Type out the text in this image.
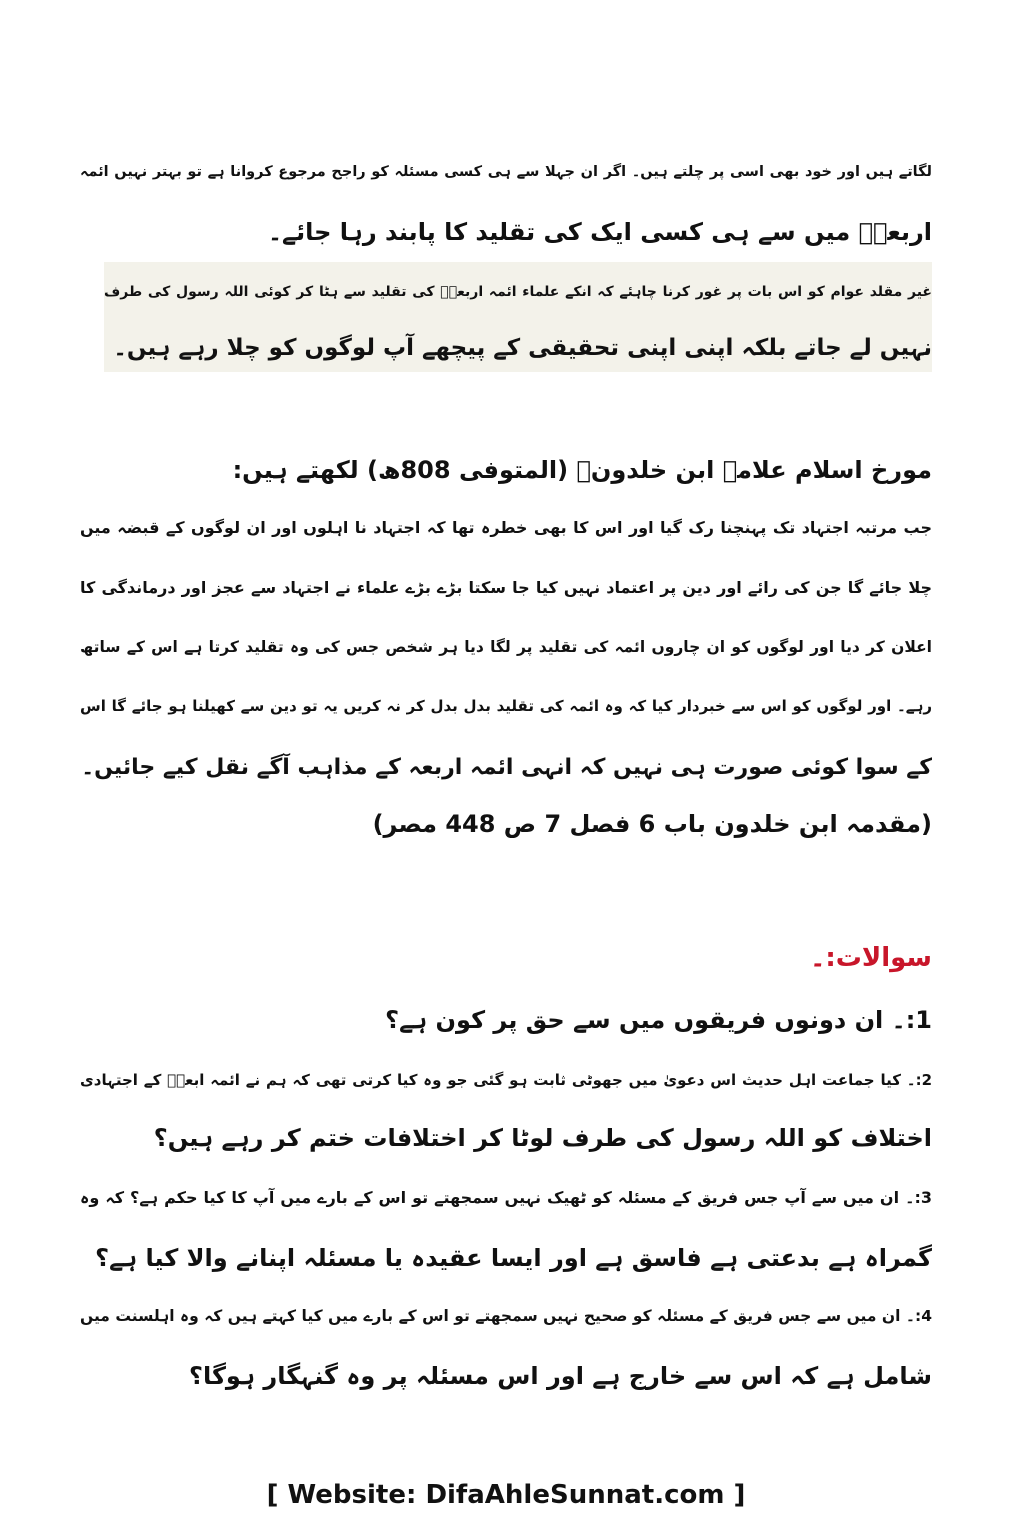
لگاتے ہیں اور خود بھی اسی پر چلتے ہیں۔ اگر ان جہلا سے ہی کسی مسئلہ کو راجح مرجوع کروانا ہے تو بہتر نہیں ائمہ
اربعہؒ میں سے ہی کسی ایک کی تقلید کا پابند رہا جائے۔
غیر مقلد عوام کو اس بات پر غور کرنا چاہئے کہ انکے علماء ائمہ اربعہؒ کی تقلید سے ہٹا کر کوئی اللہ رسول کی طرف
نہیں لے جاتے بلکہ اپنی اپنی تحقیقی کے پیچھے آپ لوگوں کو چلا رہے ہیں۔
مورخ اسلام علامہ ابن خلدونؒ (المتوفی 808ھ) لکھتے ہیں:
جب مرتبہ اجتہاد تک پہنچنا رک گیا اور اس کا بھی خطرہ تھا کہ اجتہاد نا اہلوں اور ان لوگوں کے قبضہ میں
چلا جائے گا جن کی رائے اور دین پر اعتماد نہیں کیا جا سکتا بڑے بڑے علماء نے اجتہاد سے عجز اور درماندگی کا
اعلان کر دیا اور لوگوں کو ان چاروں ائمہ کی تقلید پر لگا دیا ہر شخص جس کی وہ تقلید کرتا ہے اس کے ساتھ
رہے۔ اور لوگوں کو اس سے خبردار کیا کہ وہ ائمہ کی تقلید بدل بدل کر نہ کریں یہ تو دین سے کھیلنا ہو جائے گا اس
کے سوا کوئی صورت ہی نہیں کہ انہی ائمہ اربعہ کے مذاہب آگے نقل کیے جائیں۔
(مقدمہ ابن خلدون باب 6 فصل 7 ص 448 مصر)
سوالات:۔
1:۔ ان دونوں فریقوں میں سے حق پر کون ہے؟
2:۔ کیا جماعت اہل حدیث اس دعویٰ میں جھوٹی ثابت ہو گئی جو وہ کیا کرتی تھی کہ ہم نے ائمہ ابعہؒ کے اجتہادی
اختلاف کو اللہ رسول کی طرف لوٹا کر اختلافات ختم کر رہے ہیں؟
3:۔ ان میں سے آپ جس فریق کے مسئلہ کو ٹھیک نہیں سمجھتے تو اس کے بارے میں آپ کا کیا حکم ہے؟ کہ وہ
گمراہ ہے بدعتی ہے فاسق ہے اور ایسا عقیدہ یا مسئلہ اپنانے والا کیا ہے؟
4:۔ ان میں سے جس فریق کے مسئلہ کو صحیح نہیں سمجھتے تو اس کے بارے میں کیا کہتے ہیں کہ وہ اہلسنت میں
شامل ہے کہ اس سے خارج ہے اور اس مسئلہ پر وہ گنہگار ہوگا؟
[ Website: DifaAhleSunnat.com ]
